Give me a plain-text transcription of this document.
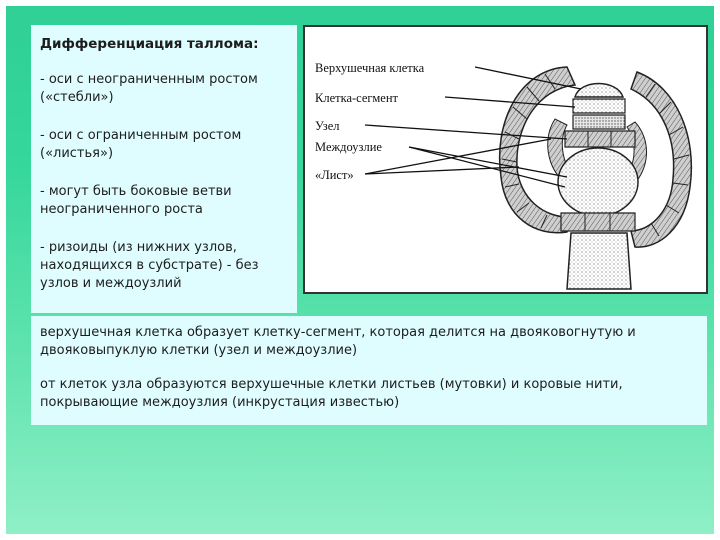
Дифференциация таллома:
- оси с неограниченным ростом («стебли»)
- оси с ограниченным ростом («листья»)
- могут быть боковые ветви неограниченного роста
- ризоиды (из нижних узлов, находящихся в субстрате) - без узлов и междоузлий
Верхушечная клетка
Клетка-сегмент
Узел
Междоузлие
«Лист»
верхушечная клетка образует клетку-сегмент, которая делится на двояковогнутую и двояковыпуклую клетки (узел и междоузлие)
от клеток узла образуются верхушечные клетки листьев (мутовки) и коровые нити, покрывающие междоузлия (инкрустация известью)
